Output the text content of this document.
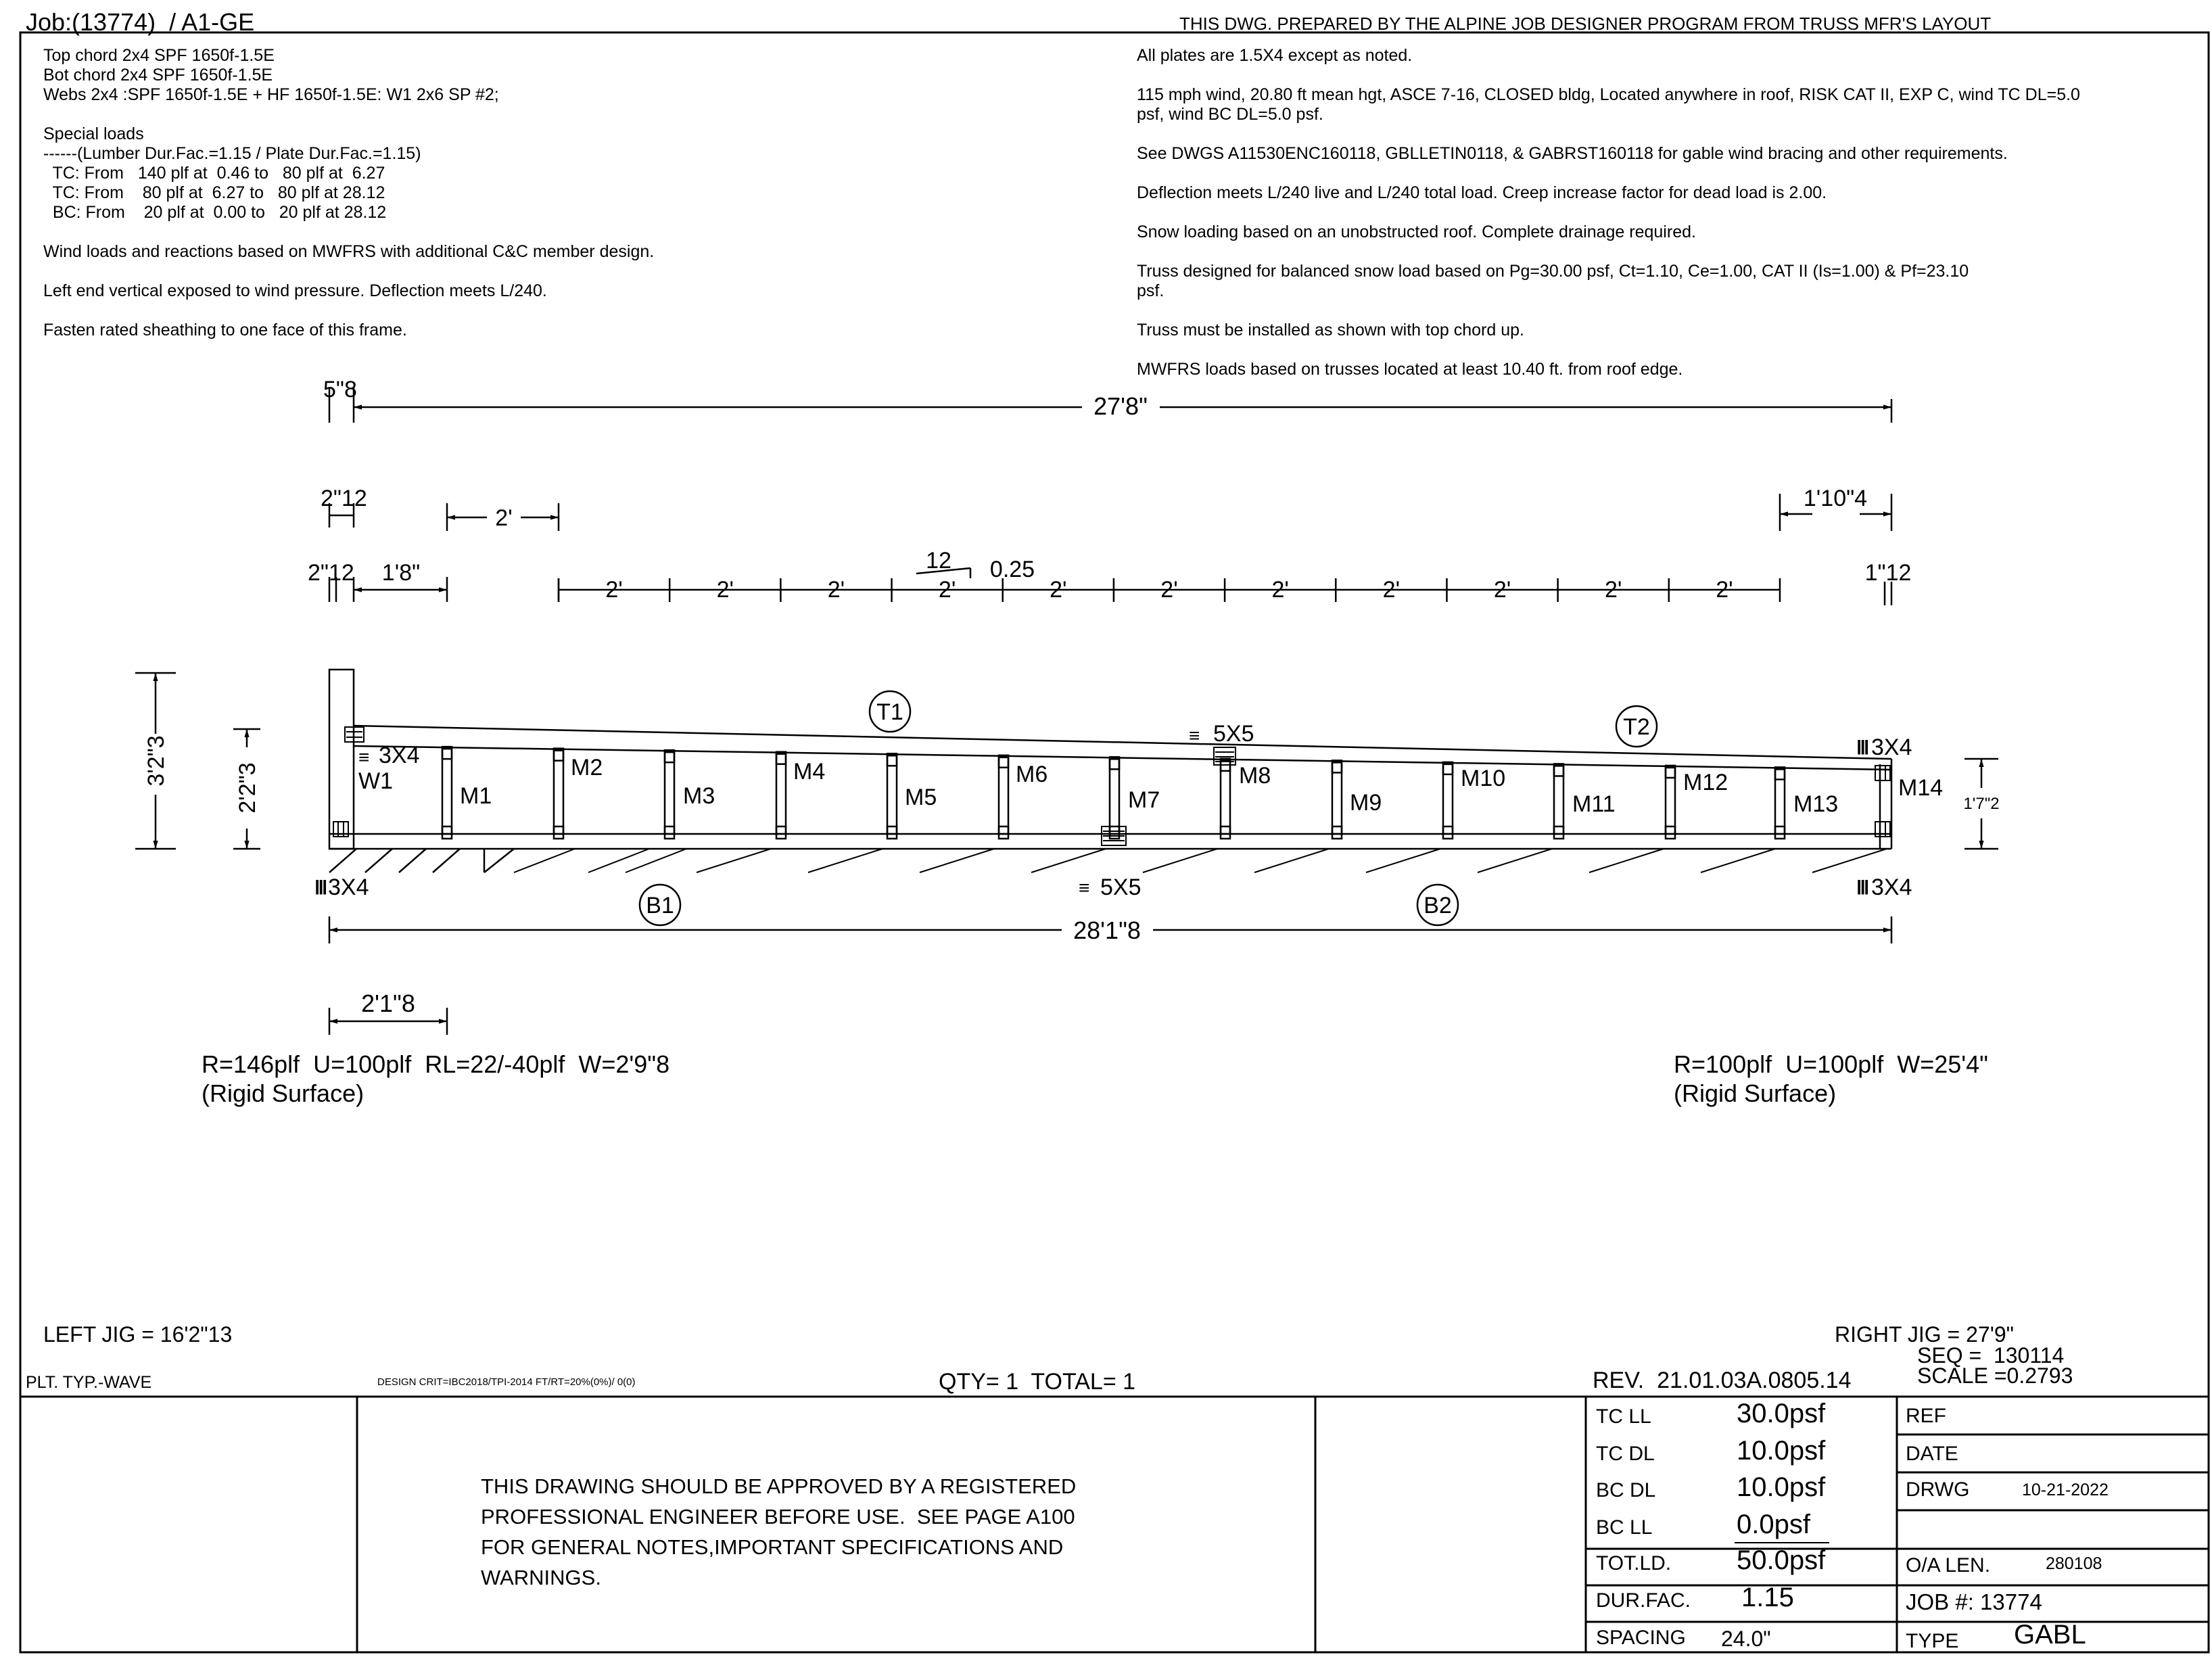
Job:(13774)  / A1-GE	THIS DWG. PREPARED BY THE ALPINE JOB DESIGNER PROGRAM FROM TRUSS MFR'S LAYOUT
Top chord 2x4 SPF 1650f-1.5E
Bot chord 2x4 SPF 1650f-1.5E
Webs 2x4 :SPF 1650f-1.5E + HF 1650f-1.5E: W1 2x6 SP #2;
Special loads
------(Lumber Dur.Fac.=1.15 / Plate Dur.Fac.=1.15)
TC: From   140 plf at  0.46 to   80 plf at  6.27
TC: From    80 plf at  6.27 to   80 plf at 28.12
BC: From    20 plf at  0.00 to   20 plf at 28.12
Wind loads and reactions based on MWFRS with additional C&C member design.
Left end vertical exposed to wind pressure. Deflection meets L/240.
Fasten rated sheathing to one face of this frame.
All plates are 1.5X4 except as noted.
115 mph wind, 20.80 ft mean hgt, ASCE 7-16, CLOSED bldg, Located anywhere in roof, RISK CAT II, EXP C, wind TC DL=5.0
psf, wind BC DL=5.0 psf.
See DWGS A11530ENC160118, GBLLETIN0118, & GABRST160118 for gable wind bracing and other requirements.
Deflection meets L/240 live and L/240 total load. Creep increase factor for dead load is 2.00.
Snow loading based on an unobstructed roof. Complete drainage required.
Truss designed for balanced snow load based on Pg=30.00 psf, Ct=1.10, Ce=1.00, CAT II (Is=1.00) & Pf=23.10
psf.
Truss must be installed as shown with top chord up.
MWFRS loads based on trusses located at least 10.40 ft. from roof edge.
5"8
27'8"
2"12
2'
2"12 1'8"	12 0.25
2'	2'	2'	2'	2'	2'	2'	2'	2'	2'	2'
1'10"4
1"12
3'2"3
2'2"3	1'7"2
28'1"8
2'1"8
T1
T2
B1	B2
W1
M1
M2
M3
M4
M5
M6
M7
M8
M9
M10
M11
M12
M13
M14
3X4
5X5
3X4
3X4	5X5	3X4
≡
≡
Ⅲ
Ⅲ	≡	Ⅲ
R=146plf  U=100plf  RL=22/-40plf  W=2'9"8
(Rigid Surface)
R=100plf  U=100plf  W=25'4"
(Rigid Surface)
LEFT JIG = 16'2"13	RIGHT JIG = 27'9"
SEQ =  130114
SCALE =0.2793
PLT. TYP.-WAVE	DESIGN CRIT=IBC2018/TPI-2014 FT/RT=20%(0%)/ 0(0)	QTY= 1  TOTAL= 1	REV.  21.01.03A.0805.14
THIS DRAWING SHOULD BE APPROVED BY A REGISTERED
PROFESSIONAL ENGINEER BEFORE USE.  SEE PAGE A100
FOR GENERAL NOTES,IMPORTANT SPECIFICATIONS AND
WARNINGS.
TC LL	30.0psf
TC DL	10.0psf
BC DL	10.0psf
BC LL	0.0psf
TOT.LD. 50.0psf
DUR.FAC. 1.15
SPACING 24.0"
REF
DATE
DRWG	10-21-2022
O/A LEN.	280108
JOB #: 13774
TYPE GABL
